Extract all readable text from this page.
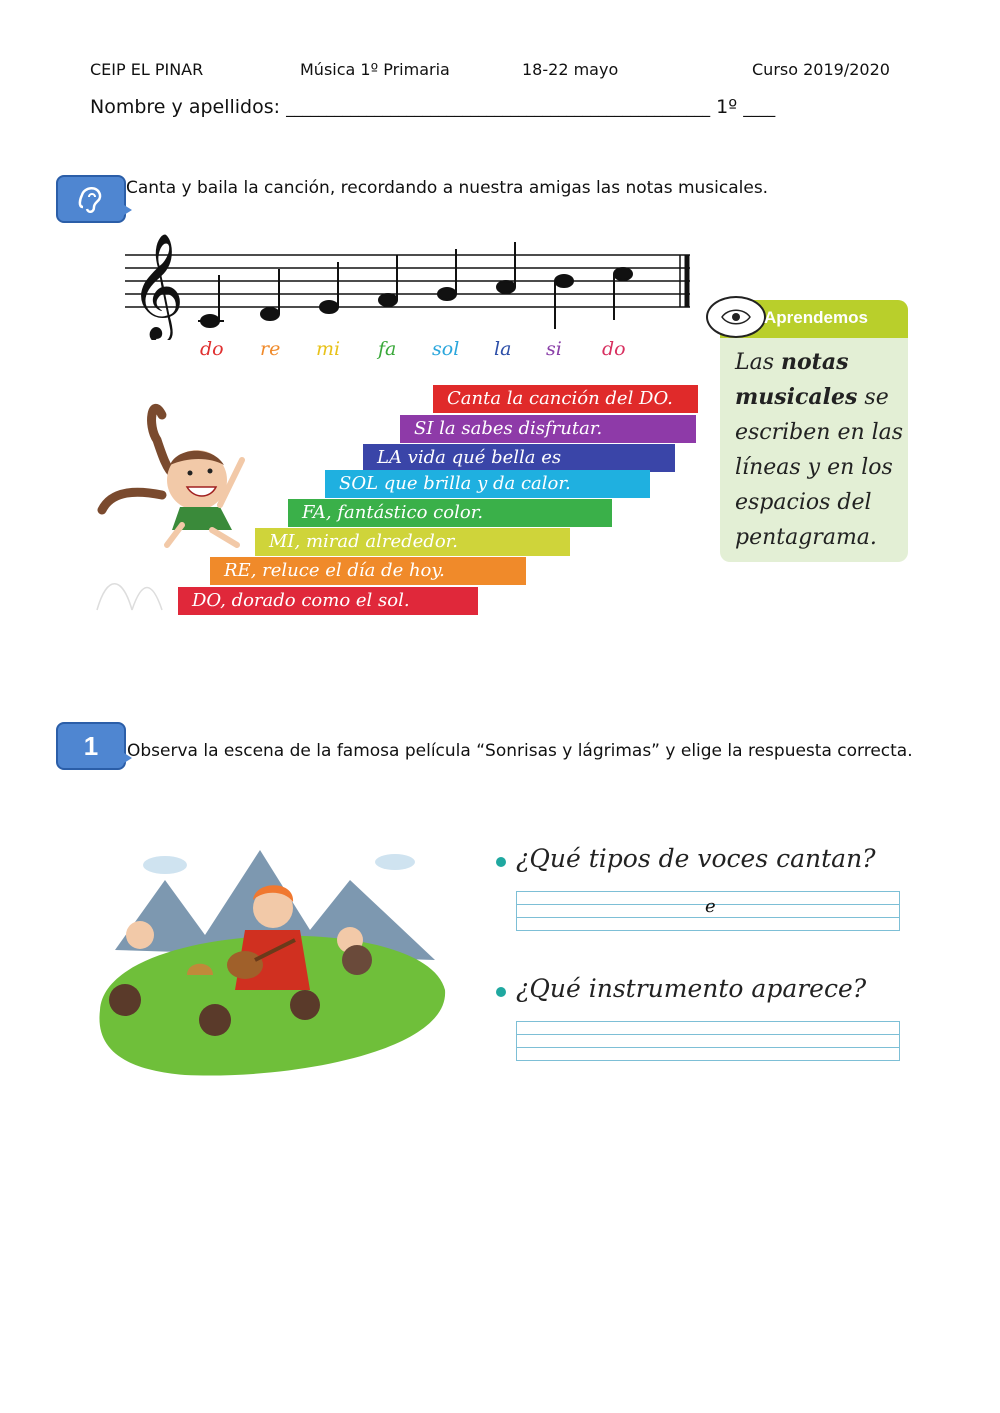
CEIP EL PINAR	Música 1º Primaria	18-22 mayo	Curso 2019/2020
Nombre y apellidos: _____________________________________________________ 1º ____
Canta y baila la canción, recordando a nuestra amigas las notas musicales.
𝄞
do re mi fa sol la si do
Canta la canción del DO.
SI la sabes disfrutar.
LA vida qué bella es
SOL que brilla y da calor.
FA, fantástico color.
MI, mirad alrededor.
RE, reluce el día de hoy.
DO, dorado como el sol.
Aprendemos
Las notas musicales se escriben en las líneas y en los espacios del pentagrama.
1	Observa la escena de la famosa película “Sonrisas y lágrimas” y elige la respuesta correcta.
¿Qué tipos de voces cantan?
e
¿Qué instrumento aparece?
